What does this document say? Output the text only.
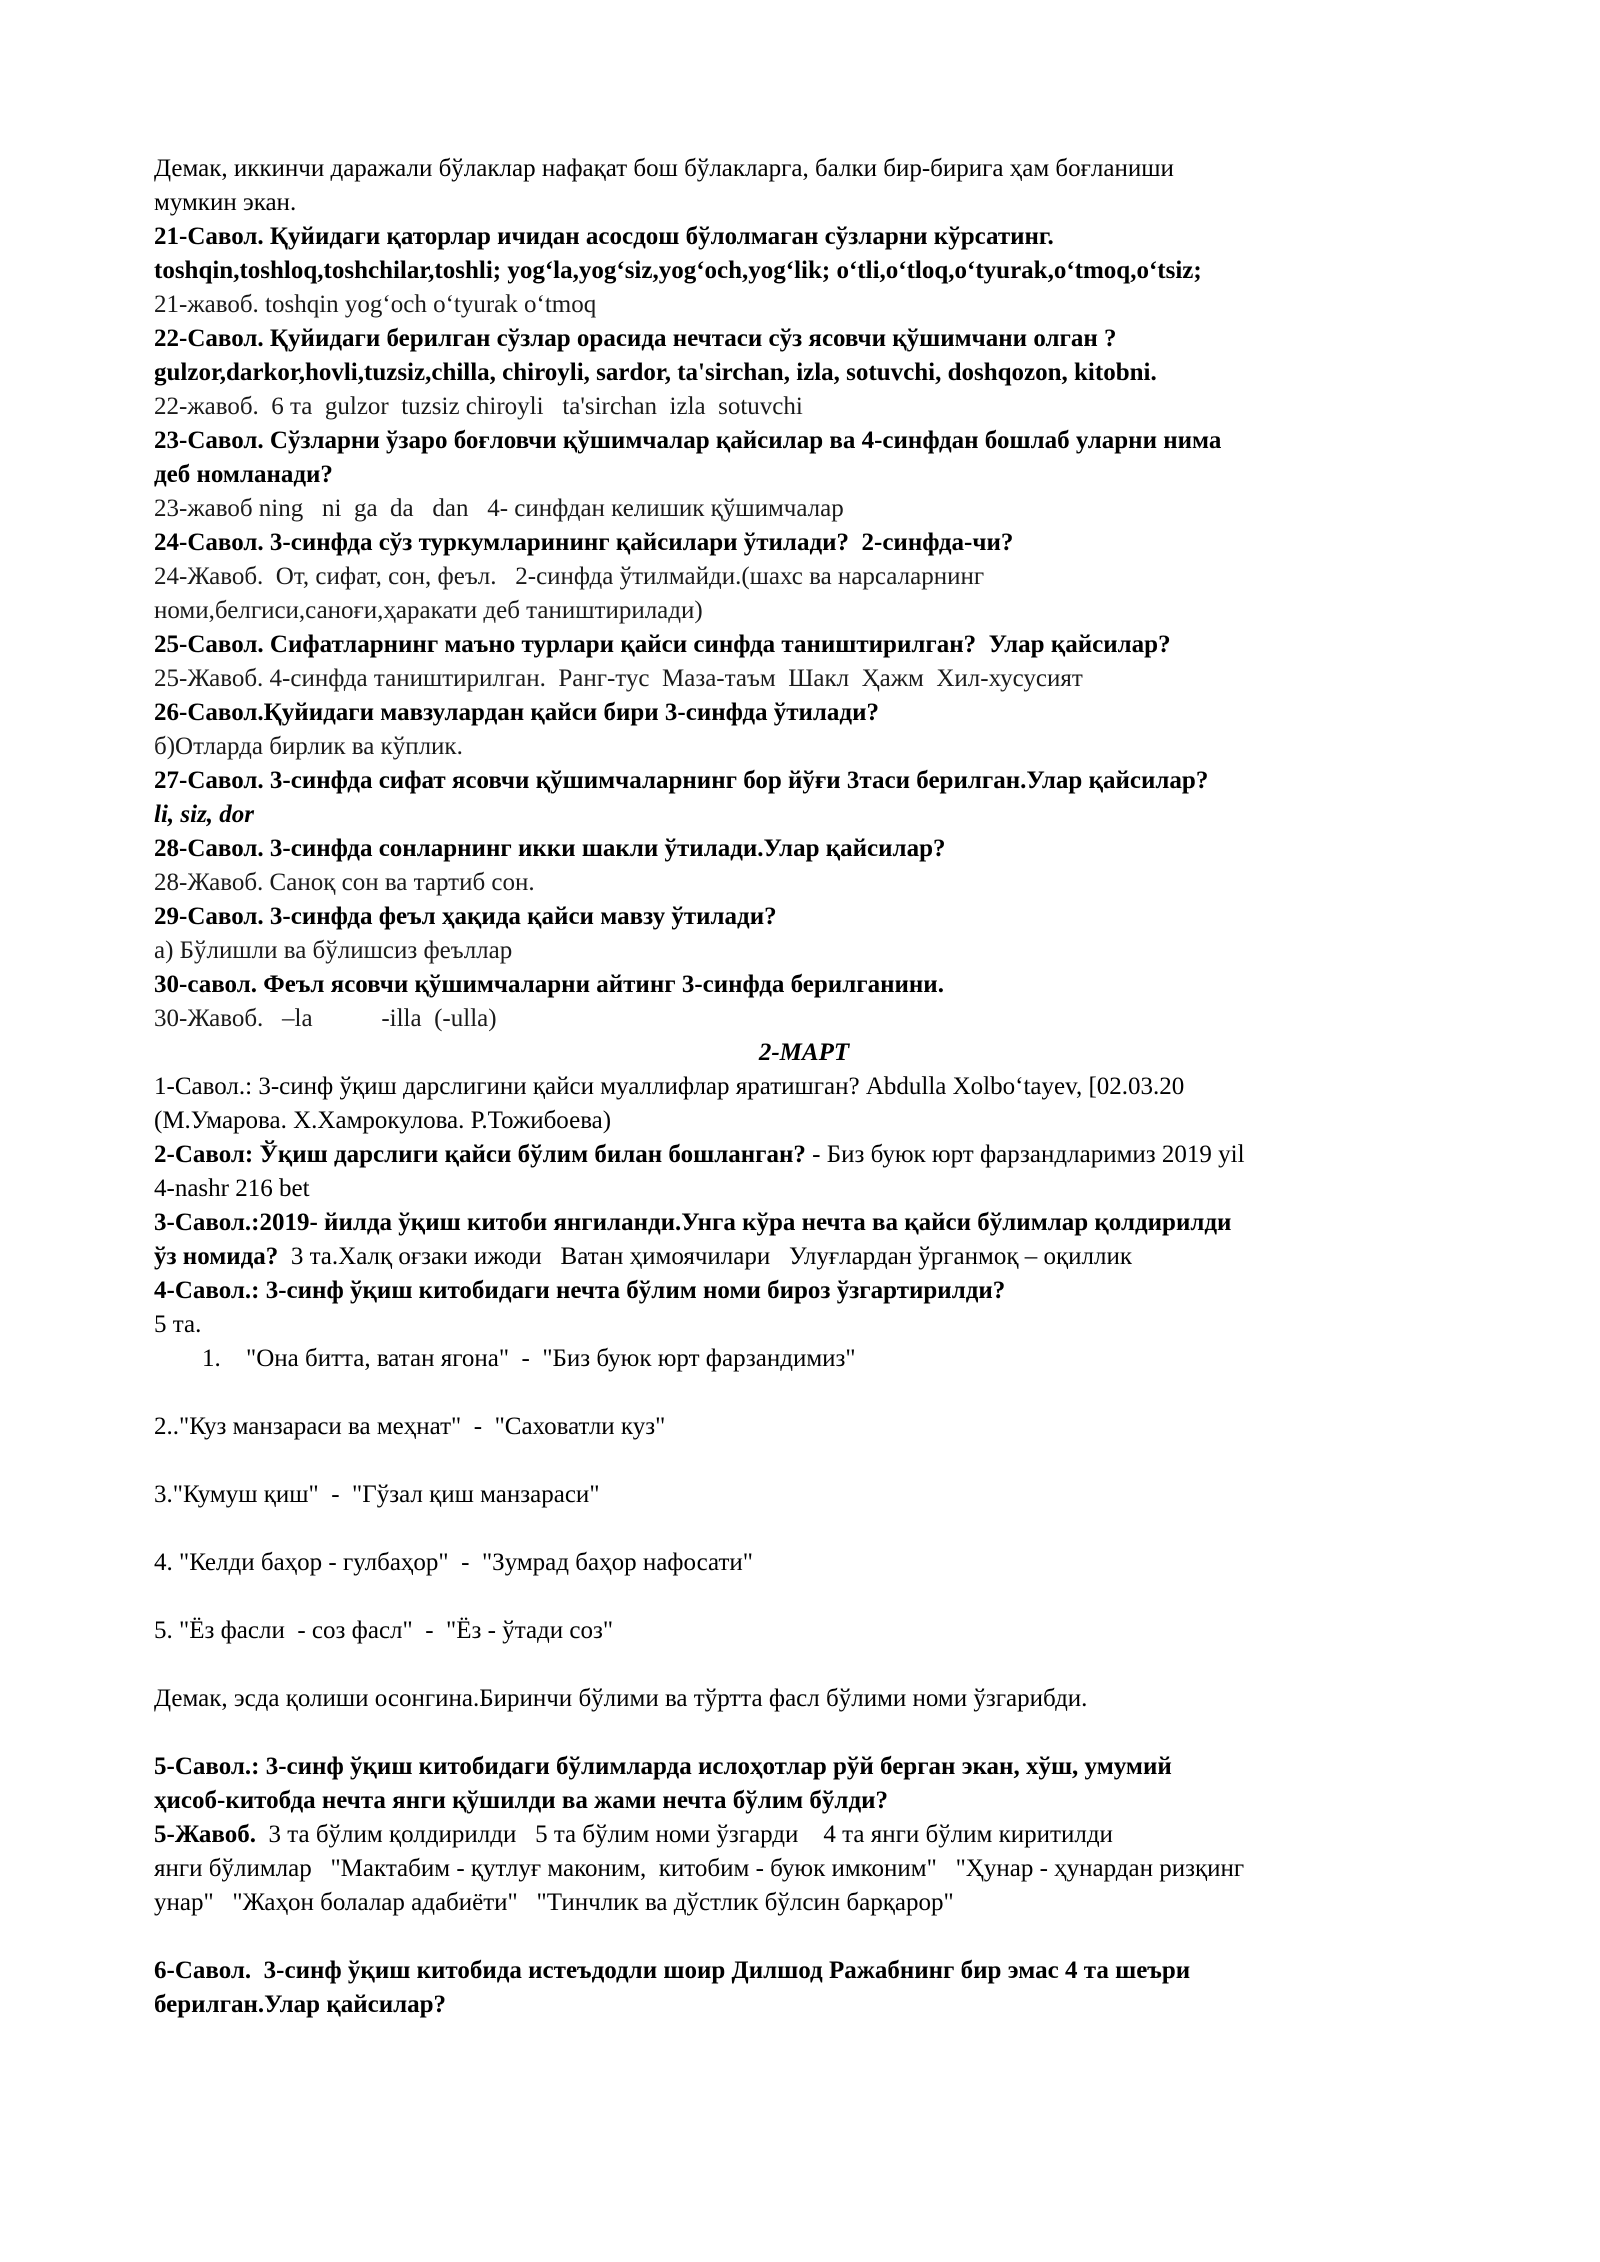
Демак, иккинчи даражали бўлаклар нафақат бош бўлакларга, балки бир-бирига ҳам боғланиши

мумкин экан.

21-Савол. Қуйидаги қаторлар ичидан асосдош бўлолмаган сўзларни кўрсатинг.

toshqin,toshloq,toshchilar,toshli; yog‘la,yog‘siz,yog‘och,yog‘lik; o‘tli,o‘tloq,o‘tyurak,o‘tmoq,o‘tsiz;

21-жавоб. toshqin yog‘och o‘tyurak o‘tmoq

22-Савол. Қуйидаги берилган сўзлар орасида нечтаси сўз ясовчи қўшимчани олган ?

gulzor,darkor,hovli,tuzsiz,chilla, chiroyli, sardor, ta'sirchan, izla, sotuvchi, doshqozon, kitobni.

22-жавоб.  6 та  gulzor  tuzsiz chiroyli   ta'sirchan  izla  sotuvchi

23-Савол. Сўзларни ўзаро боғловчи қўшимчалар қайсилар ва 4-синфдан бошлаб уларни нима

деб номланади?

23-жавоб ning   ni  ga  da   dan   4- синфдан келишик қўшимчалар

24-Савол. 3-синфда сўз туркумларининг қайсилари ўтилади?  2-синфда-чи?

24-Жавоб.  От, сифат, сон, феъл.   2-синфда ўтилмайди.(шахс ва нарсаларнинг

номи,белгиси,саноғи,ҳаракати деб таништирилади)

25-Савол. Сифатларнинг маъно турлари қайси синфда таништирилган?  Улар қайсилар?

25-Жавоб. 4-синфда таништирилган.  Ранг-тус  Маза-таъм  Шакл  Ҳажм  Хил-хусусият

26-Савол.Қуйидаги мавзулардан қайси бири 3-синфда ўтилади?

б)Отларда бирлик ва кўплик.

27-Савол. 3-синфда сифат ясовчи қўшимчаларнинг бор йўғи 3таси берилган.Улар қайсилар?

li, siz, dor

28-Савол. 3-синфда сонларнинг икки шакли ўтилади.Улар қайсилар?

28-Жавоб. Саноқ сон ва тартиб сон.

29-Савол. 3-синфда феъл ҳақида қайси мавзу ўтилади?

а) Бўлишли ва бўлишсиз феъллар

30-савол. Феъл ясовчи қўшимчаларни айтинг 3-синфда берилганини.

30-Жавоб.   –la           -illa  (-ulla)

2-МАРТ

1-Савол.: 3-синф ўқиш дарслигини қайси муаллифлар яратишган? Abdulla Xolbo‘tayev, [02.03.20

(М.Умарова. Х.Хамрокулова. Р.Тожибоева)

2-Савол: Ўқиш дарслиги қайси бўлим билан бошланган? - Биз буюк юрт фарзандларимиз 2019 yil

4-nashr 216 bet

3-Савол.:2019- йилда ўқиш китоби янгиланди.Унга кўра нечта ва қайси бўлимлар қолдирилди

ўз номида?  3 та.Халқ оғзаки ижоди   Ватан ҳимоячилари   Улуғлардан ўрганмоқ – оқиллик

4-Савол.: 3-синф ўқиш китобидаги нечта бўлим номи бироз ўзгартирилди?

5 та.

1. "Она битта, ватан ягона"  -  "Биз буюк юрт фарзандимиз"

2.."Куз манзараси ва меҳнат"  -  "Саховатли куз"

3."Кумуш қиш"  -  "Гўзал қиш манзараси"

4. "Келди баҳор - гулбаҳор"  -  "Зумрад баҳор нафосати"

5. "Ёз фасли  - соз фасл"  -  "Ёз - ўтади соз"

Демак, эсда қолиши осонгина.Биринчи бўлими ва тўртта фасл бўлими номи ўзгарибди.

5-Савол.: 3-синф ўқиш китобидаги бўлимларда ислоҳотлар рўй берган экан, хўш, умумий

ҳисоб-китобда нечта янги қўшилди ва жами нечта бўлим бўлди?

5-Жавоб.  3 та бўлим қолдирилди   5 та бўлим номи ўзгарди    4 та янги бўлим киритилди

янги бўлимлар   "Мактабим - қутлуғ маконим,  китобим - буюк имконим"   "Ҳунар - ҳунардан ризқинг

унар"   "Жаҳон болалар адабиёти"   "Тинчлик ва дўстлик бўлсин барқарор"

6-Савол.  3-синф ўқиш китобида истеъдодли шоир Дилшод Ражабнинг бир эмас 4 та шеъри

берилган.Улар қайсилар?
